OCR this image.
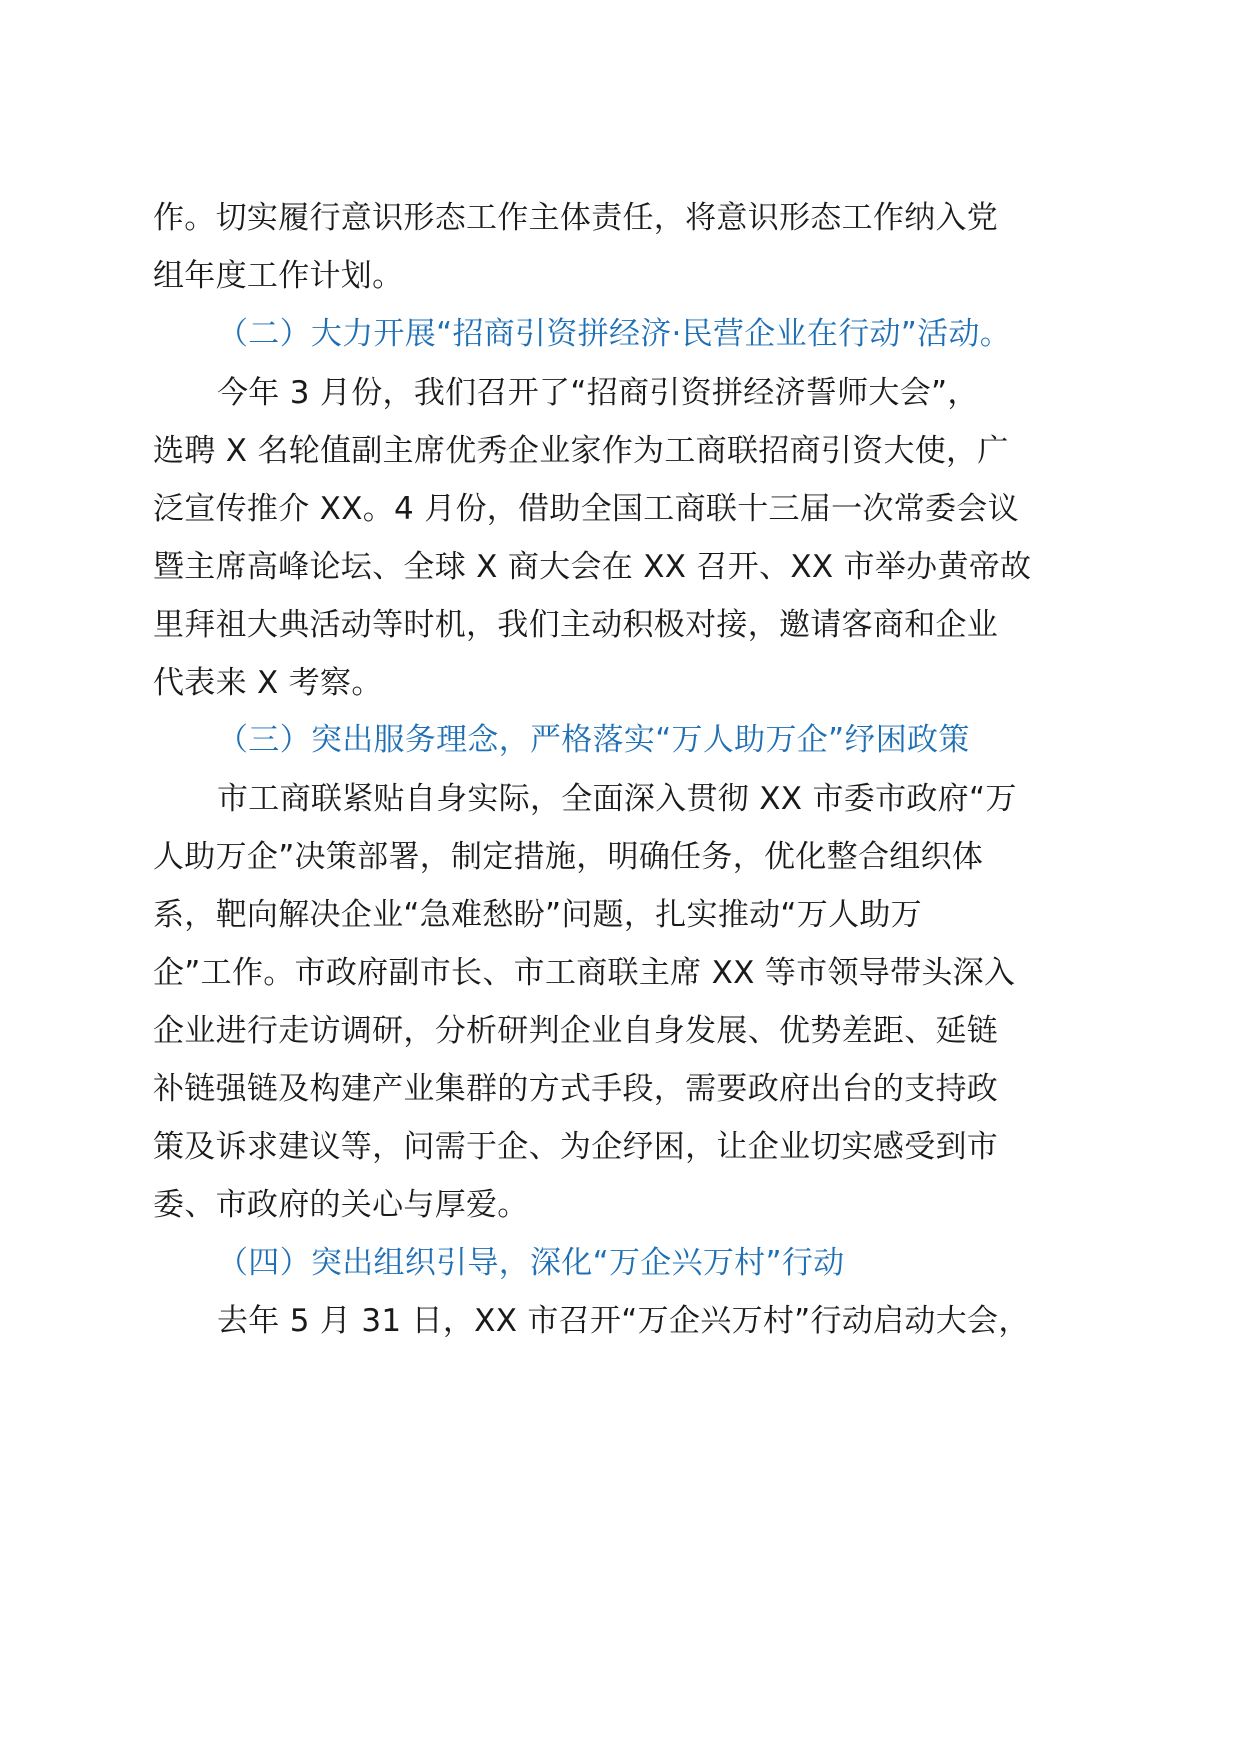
作。切实履行意识形态工作主体责任，将意识形态工作纳入党
组年度工作计划。
（二）大力开展“招商引资拼经济·民营企业在行动”活动。
今年 3 月份，我们召开了“招商引资拼经济誓师大会”，
选聘 X 名轮值副主席优秀企业家作为工商联招商引资大使，广
泛宣传推介 XX。4 月份，借助全国工商联十三届一次常委会议
暨主席高峰论坛、全球 X 商大会在 XX 召开、XX 市举办黄帝故
里拜祖大典活动等时机，我们主动积极对接，邀请客商和企业
代表来 X 考察。
（三）突出服务理念，严格落实“万人助万企”纾困政策
市工商联紧贴自身实际，全面深入贯彻 XX 市委市政府“万
人助万企”决策部署，制定措施，明确任务，优化整合组织体
系，靶向解决企业“急难愁盼”问题，扎实推动“万人助万
企”工作。市政府副市长、市工商联主席 XX 等市领导带头深入
企业进行走访调研，分析研判企业自身发展、优势差距、延链
补链强链及构建产业集群的方式手段，需要政府出台的支持政
策及诉求建议等，问需于企、为企纾困，让企业切实感受到市
委、市政府的关心与厚爱。
（四）突出组织引导，深化“万企兴万村”行动
去年 5 月 31 日，XX 市召开“万企兴万村”行动启动大会，
